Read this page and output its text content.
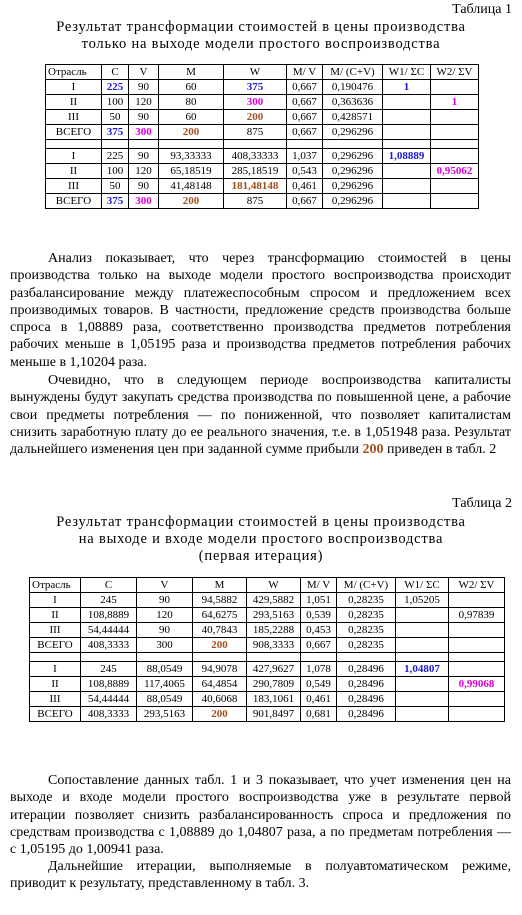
Таблица 1
Результат трансформации стоимостей в цены производства
только на выходе модели простого воспроизводства
Отрасль	C	V	M	W	M/ V	M/ (C+V)	W1/ ΣC	W2/ ΣV
I	225	90	60	375	0,667	0,190476	1	
II	100	120	80	300	0,667	0,363636		1
III	50	90	60	200	0,667	0,428571		
ВСЕГО	375	300	200	875	0,667	0,296296		

I	225	90	93,33333	408,33333	1,037	0,296296	1,08889	
II	100	120	65,18519	285,18519	0,543	0,296296		0,95062
III	50	90	41,48148	181,48148	0,461	0,296296		
ВСЕГО	375	300	200	875	0,667	0,296296		

Анализ показывает, что через трансформацию стоимостей в цены производства только на выходе модели простого воспроизводства происходит разбалансирование между платежеспособным спросом и предложением всех производимых товаров. В частности, предложение средств производства больше спроса в 1,08889 раза, соответственно производства предметов потребления рабочих меньше в 1,05195 раза и производства предметов потребления рабочих меньше в 1,10204 раза.

Очевидно, что в следующем периоде воспроизводства капиталисты вынуждены будут закупать средства производства по повышенной цене, а рабочие свои предметы потребления — по пониженной, что позволяет капиталистам снизить заработную плату до ее реального значения, т.е. в 1,051948 раза. Результат дальнейшего изменения цен при заданной сумме прибыли 200 приведен в табл. 2

Таблица 2
Результат трансформации стоимостей в цены производства
на выходе и входе модели простого воспроизводства
(первая итерация)
Отрасль	C	V	M	W	M/ V	M/ (C+V)	W1/ ΣC	W2/ ΣV
I	245	90	94,5882	429,5882	1,051	0,28235	1,05205	
II	108,8889	120	64,6275	293,5163	0,539	0,28235		0,97839
III	54,44444	90	40,7843	185,2288	0,453	0,28235		
ВСЕГО	408,3333	300	200	908,3333	0,667	0,28235		

I	245	88,0549	94,9078	427,9627	1,078	0,28496	1,04807	
II	108,8889	117,4065	64,4854	290,7809	0,549	0,28496		0,99068
III	54,44444	88,0549	40,6068	183,1061	0,461	0,28496		
ВСЕГО	408,3333	293,5163	200	901,8497	0,681	0,28496		

Сопоставление данных табл. 1 и 3 показывает, что учет изменения цен на выходе и входе модели простого воспроизводства уже в результате первой итерации позволяет снизить разбалансированность спроса и предложения по средствам производства с 1,08889 до 1,04807 раза, а по предметам потребления — с 1,05195 до 1,00941 раза.

Дальнейшие итерации, выполняемые в полуавтоматическом режиме, приводит к результату, представленному в табл. 3.
